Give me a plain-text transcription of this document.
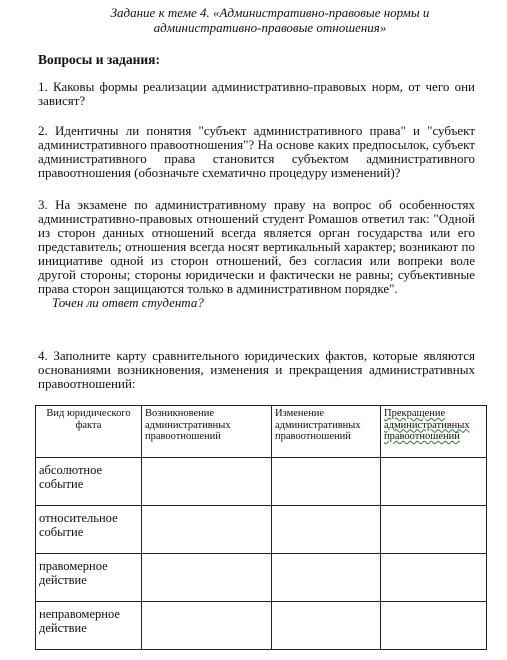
Задание к теме 4. «Административно-правовые нормы и
административно-правовые отношения»
Вопросы и задания:
1. Каковы формы реализации административно-правовых норм, от чего они зависят?
2. Идентичны ли понятия "субъект административного права" и "субъект административного правоотношения"? На основе каких предпосылок, субъект административного права становится субъектом административного правоотношения (обозначьте схематично процедуру изменений)?
3. На экзамене по административному праву на вопрос об особенностях административно-правовых отношений студент Ромашов ответил так: "Одной из сторон данных отношений всегда является орган государства или его представитель; отношения всегда носят вертикальный характер; возникают по инициативе одной из сторон отношений, без согласия или вопреки воле другой стороны; стороны юридически и фактически не равны; субъективные права сторон защищаются только в административном порядке".
Точен ли ответ студента?
4. Заполните карту сравнительного юридических фактов, которые являются основаниями возникновения, изменения и прекращения административных правоотношений:
Вид юридического факта	Возникновение административных правоотношений	Изменение административных правоотношений	Прекращение административных правоотношений
абсолютное событие			
относительное событие			
правомерное действие			
неправомерное действие			
